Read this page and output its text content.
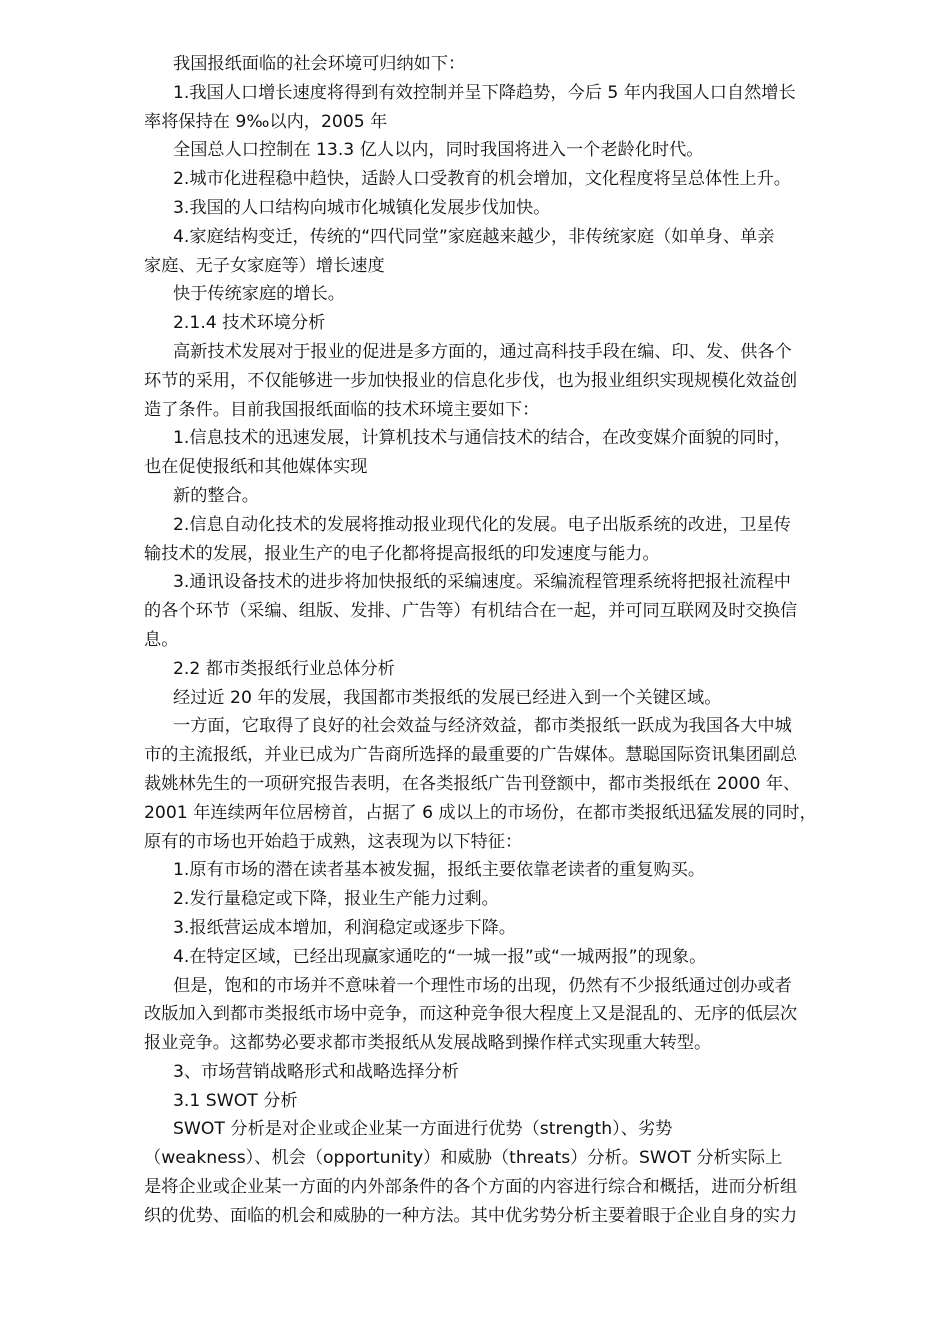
我国报纸面临的社会环境可归纳如下：
1.我国人口增长速度将得到有效控制并呈下降趋势，今后 5 年内我国人口自然增长
率将保持在 9‰以内，2005 年
全国总人口控制在 13.3 亿人以内，同时我国将进入一个老龄化时代。
2.城市化进程稳中趋快，适龄人口受教育的机会增加，文化程度将呈总体性上升。
3.我国的人口结构向城市化城镇化发展步伐加快。
4.家庭结构变迁，传统的“四代同堂”家庭越来越少，非传统家庭（如单身、单亲
家庭、无子女家庭等）增长速度
快于传统家庭的增长。
2.1.4 技术环境分析
高新技术发展对于报业的促进是多方面的，通过高科技手段在编、印、发、供各个
环节的采用，不仅能够进一步加快报业的信息化步伐，也为报业组织实现规模化效益创
造了条件。目前我国报纸面临的技术环境主要如下：
1.信息技术的迅速发展，计算机技术与通信技术的结合，在改变媒介面貌的同时，
也在促使报纸和其他媒体实现
新的整合。
2.信息自动化技术的发展将推动报业现代化的发展。电子出版系统的改进，卫星传
输技术的发展，报业生产的电子化都将提高报纸的印发速度与能力。
3.通讯设备技术的进步将加快报纸的采编速度。采编流程管理系统将把报社流程中
的各个环节（采编、组版、发排、广告等）有机结合在一起，并可同互联网及时交换信
息。
2.2 都市类报纸行业总体分析
经过近 20 年的发展，我国都市类报纸的发展已经进入到一个关键区域。
一方面，它取得了良好的社会效益与经济效益，都市类报纸一跃成为我国各大中城
市的主流报纸，并业已成为广告商所选择的最重要的广告媒体。慧聪国际资讯集团副总
裁姚林先生的一项研究报告表明，在各类报纸广告刊登额中，都市类报纸在 2000 年、
2001 年连续两年位居榜首，占据了 6 成以上的市场份，在都市类报纸迅猛发展的同时，
原有的市场也开始趋于成熟，这表现为以下特征：
1.原有市场的潜在读者基本被发掘，报纸主要依靠老读者的重复购买。
2.发行量稳定或下降，报业生产能力过剩。
3.报纸营运成本增加，利润稳定或逐步下降。
4.在特定区域，已经出现赢家通吃的“一城一报”或“一城两报”的现象。
但是，饱和的市场并不意味着一个理性市场的出现，仍然有不少报纸通过创办或者
改版加入到都市类报纸市场中竞争，而这种竞争很大程度上又是混乱的、无序的低层次
报业竞争。这都势必要求都市类报纸从发展战略到操作样式实现重大转型。
3、市场营销战略形式和战略选择分析
3.1 SWOT 分析
SWOT 分析是对企业或企业某一方面进行优势（strength）、劣势
（weakness）、机会（opportunity）和威胁（threats）分析。SWOT 分析实际上
是将企业或企业某一方面的内外部条件的各个方面的内容进行综合和概括，进而分析组
织的优势、面临的机会和威胁的一种方法。其中优劣势分析主要着眼于企业自身的实力
